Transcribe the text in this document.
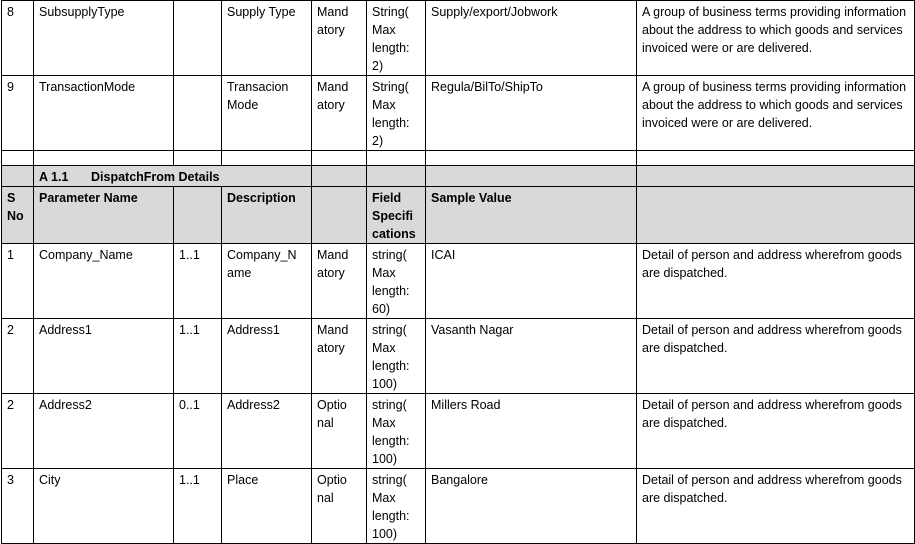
8	SubsupplyType		Supply Type	Mand atory	String( Max length: 2)	Supply/export/Jobwork	A group of business terms providing information about the address to which goods and services invoiced were or are delivered.
9	TransactionMode		Transacion Mode	Mand atory	String( Max length: 2)	Regula/BilTo/ShipTo	A group of business terms providing information about the address to which goods and services invoiced were or are delivered.

	A 1.1 DispatchFrom Details						
S No	Parameter Name		Description		Field Specifi cations	Sample Value	
1	Company_Name	1..1	Company_N ame	Mand atory	string( Max length: 60)	ICAI	Detail of person and address wherefrom goods are dispatched.
2	Address1	1..1	Address1	Mand atory	string( Max length: 100)	Vasanth Nagar	Detail of person and address wherefrom goods are dispatched.
2	Address2	0..1	Address2	Optio nal	string( Max length: 100)	Millers Road	Detail of person and address wherefrom goods are dispatched.
3	City	1..1	Place	Optio nal	string( Max length: 100)	Bangalore	Detail of person and address wherefrom goods are dispatched.
